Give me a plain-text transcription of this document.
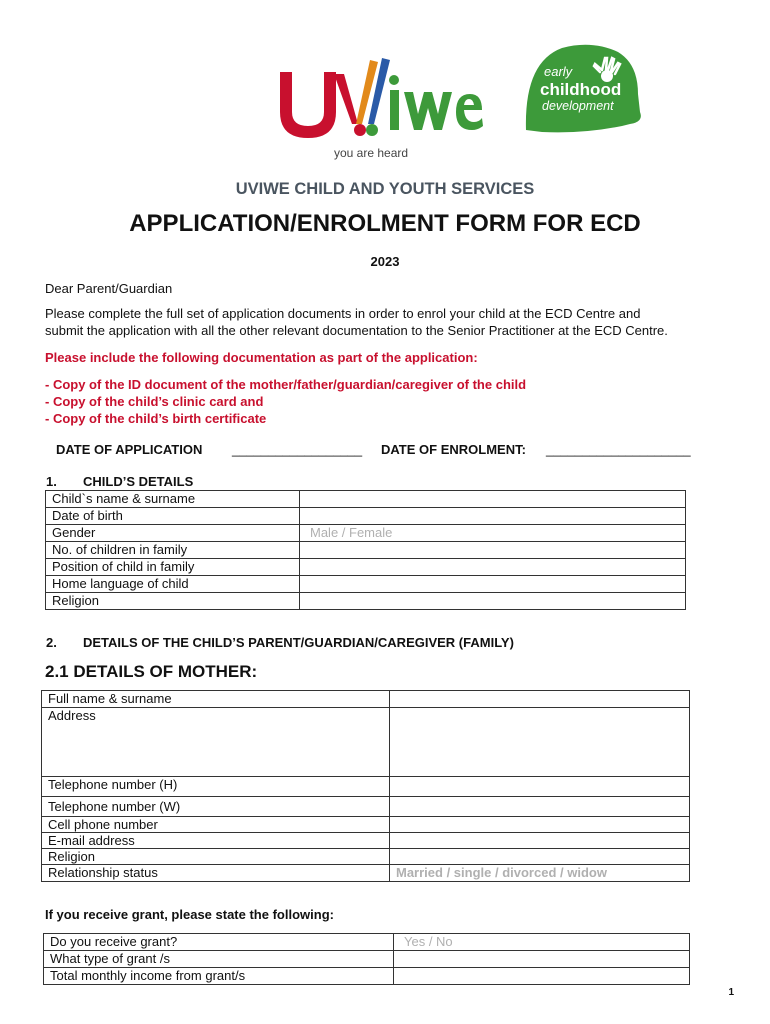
you are heard
early
childhood
development
UVIWE CHILD AND YOUTH SERVICES
APPLICATION/ENROLMENT FORM FOR ECD
2023
Dear Parent/Guardian
Please complete the full set of application documents in order to enrol your child at the ECD Centre and
submit the application with all the other relevant documentation to the Senior Practitioner at the ECD Centre.
Please include the following documentation as part of the application:
- Copy of the ID document of the mother/father/guardian/caregiver of the child
- Copy of the child’s clinic card and
- Copy of the child’s birth certificate
DATE OF APPLICATION __________________ DATE OF ENROLMENT: ____________________
1. CHILD’S DETAILS
Child`s name & surname	
Date of birth	
Gender	Male / Female
No. of children in family	
Position of child in family	
Home language of child	
Religion	
2. DETAILS OF THE CHILD’S PARENT/GUARDIAN/CAREGIVER (FAMILY)
2.1 DETAILS OF MOTHER:
Full name & surname	
Address	
Telephone number (H)	
Telephone number (W)	
Cell phone number	
E-mail address	
Religion	
Relationship status	Married / single / divorced / widow
If you receive grant, please state the following:
Do you receive grant?	Yes / No
What type of grant /s	
Total monthly income from grant/s	
1
